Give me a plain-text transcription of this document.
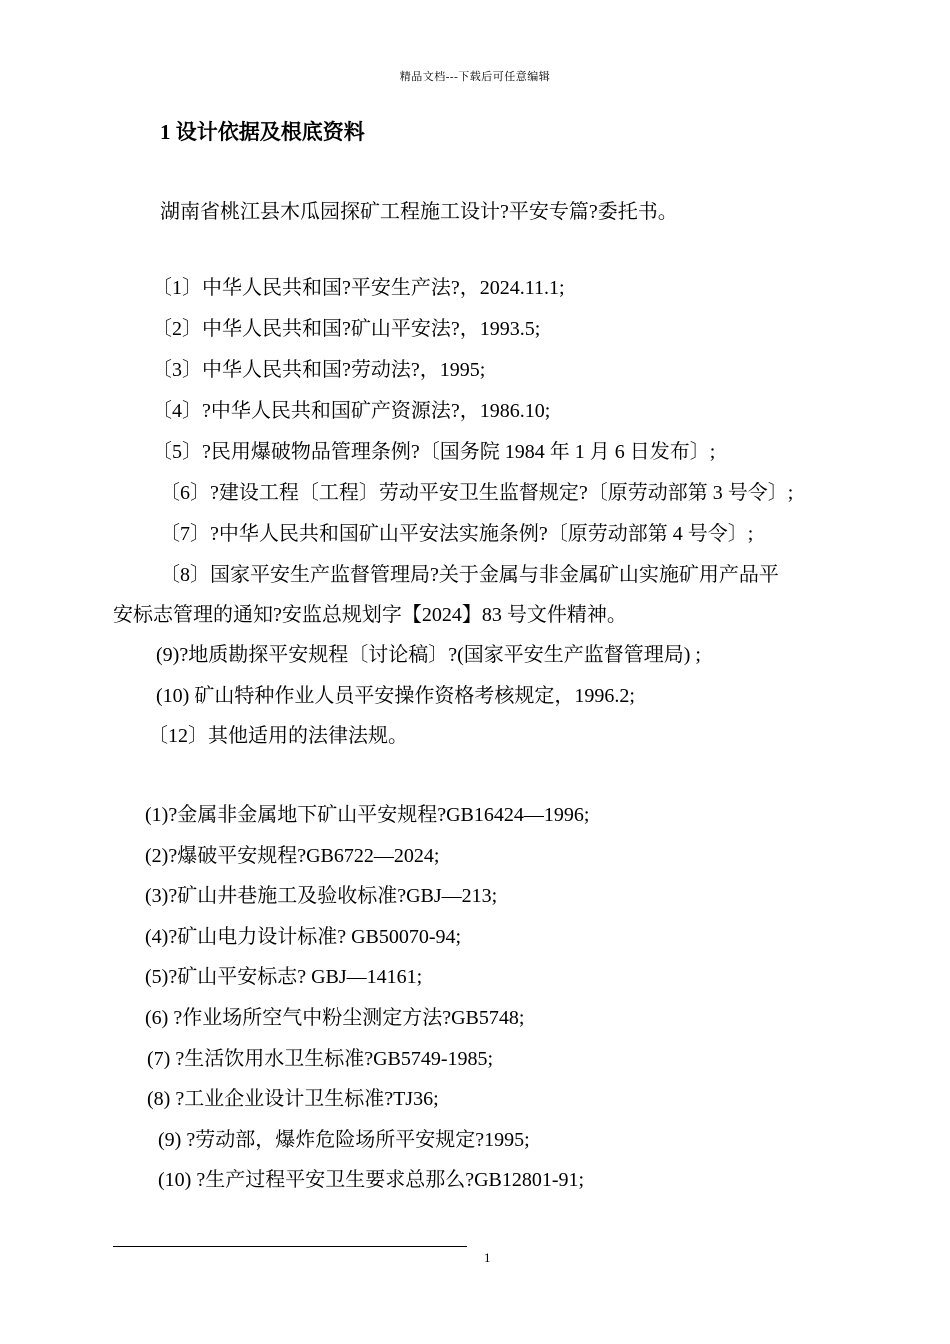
精品文档---下载后可任意编辑
1 设计依据及根底资料
湖南省桃江县木瓜园探矿工程施工设计?平安专篇?委托书。
〔1〕中华人民共和国?平安生产法?，2024.11.1;
〔2〕中华人民共和国?矿山平安法?，1993.5;
〔3〕中华人民共和国?劳动法?，1995;
〔4〕?中华人民共和国矿产资源法?，1986.10;
〔5〕?民用爆破物品管理条例?〔国务院 1984 年 1 月 6 日发布〕;
〔6〕?建设工程〔工程〕劳动平安卫生监督规定?〔原劳动部第 3 号令〕;
〔7〕?中华人民共和国矿山平安法实施条例?〔原劳动部第 4 号令〕;
〔8〕国家平安生产监督管理局?关于金属与非金属矿山实施矿用产品平
安标志管理的通知?安监总规划字【2024】83 号文件精神。
(9)?地质勘探平安规程〔讨论稿〕?(国家平安生产监督管理局) ;
(10) 矿山特种作业人员平安操作资格考核规定，1996.2;
〔12〕其他适用的法律法规。
(1)?金属非金属地下矿山平安规程?GB16424—1996;
(2)?爆破平安规程?GB6722—2024;
(3)?矿山井巷施工及验收标准?GBJ—213;
(4)?矿山电力设计标准? GB50070-94;
(5)?矿山平安标志? GBJ—14161;
(6) ?作业场所空气中粉尘测定方法?GB5748;
(7) ?生活饮用水卫生标准?GB5749-1985;
(8) ?工业企业设计卫生标准?TJ36;
(9) ?劳动部，爆炸危险场所平安规定?1995;
(10) ?生产过程平安卫生要求总那么?GB12801-91;
1
